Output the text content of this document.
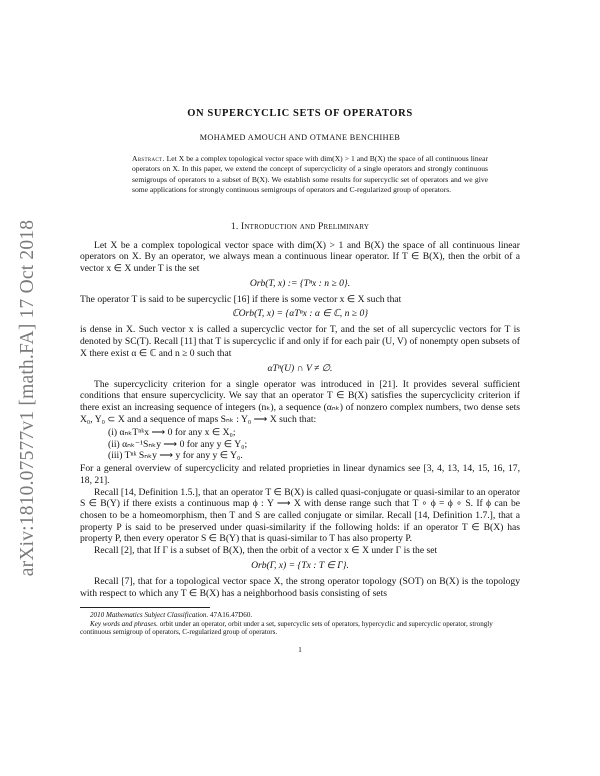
arXiv:1810.07577v1 [math.FA] 17 Oct 2018
ON SUPERCYCLIC SETS OF OPERATORS
MOHAMED AMOUCH AND OTMANE BENCHIHEB
Abstract. Let X be a complex topological vector space with dim(X) > 1 and B(X) the space of all continuous linear operators on X. In this paper, we extend the concept of supercyclicity of a single operators and strongly continuous semigroups of operators to a subset of B(X). We establish some results for supercyclic set of operators and we give some applications for strongly continuous semigroups of operators and C-regularized group of operators.
1. Introduction and Preliminary

Let X be a complex topological vector space with dim(X) > 1 and B(X) the space of all continuous linear operators on X. By an operator, we always mean a continuous linear operator. If T ∈ B(X), then the orbit of a vector x ∈ X under T is the set

Orb(T, x) := {Tⁿx : n ≥ 0}.

The operator T is said to be supercyclic [16] if there is some vector x ∈ X such that

ℂOrb(T, x) = {αTⁿx : α ∈ ℂ, n ≥ 0}

is dense in X. Such vector x is called a supercyclic vector for T, and the set of all supercyclic vectors for T is denoted by SC(T). Recall [11] that T is supercyclic if and only if for each pair (U, V) of nonempty open subsets of X there exist α ∈ ℂ and n ≥ 0 such that

αTⁿ(U) ∩ V ≠ ∅.

The supercyclicity criterion for a single operator was introduced in [21]. It provides several sufficient conditions that ensure supercyclicity. We say that an operator T ∈ B(X) satisfies the supercyclicity criterion if there exist an increasing sequence of integers (nₖ), a sequence (αₙₖ) of nonzero complex numbers, two dense sets X₀, Y₀ ⊂ X and a sequence of maps Sₙₖ : Y₀ ⟶ X such that:

(i) αₙₖTⁿᵏx ⟶ 0 for any x ∈ X₀;
(ii) αₙₖ⁻¹Sₙₖy ⟶ 0 for any y ∈ Y₀;
(iii) Tⁿᵏ Sₙₖy ⟶ y for any y ∈ Y₀.

For a general overview of supercyclicity and related proprieties in linear dynamics see [3, 4, 13, 14, 15, 16, 17, 18, 21].

Recall [14, Definition 1.5.], that an operator T ∈ B(X) is called quasi-conjugate or quasi-similar to an operator S ∈ B(Y) if there exists a continuous map ϕ : Y ⟶ X with dense range such that T ∘ ϕ = ϕ ∘ S. If ϕ can be chosen to be a homeomorphism, then T and S are called conjugate or similar. Recall [14, Definition 1.7.], that a property P is said to be preserved under quasi-similarity if the following holds: if an operator T ∈ B(X) has property P, then every operator S ∈ B(Y) that is quasi-similar to T has also property P.

Recall [2], that If Γ is a subset of B(X), then the orbit of a vector x ∈ X under Γ is the set

Orb(Γ, x) = {Tx : T ∈ Γ}.

Recall [7], that for a topological vector space X, the strong operator topology (SOT) on B(X) is the topology with respect to which any T ∈ B(X) has a neighborhood basis consisting of sets

2010 Mathematics Subject Classification. 47A16.47D60.

Key words and phrases. orbit under an operator, orbit under a set, supercyclic sets of operators, hypercyclic and supercyclic operator, strongly continuous semigroup of operators, C-regularized group of operators.

1
